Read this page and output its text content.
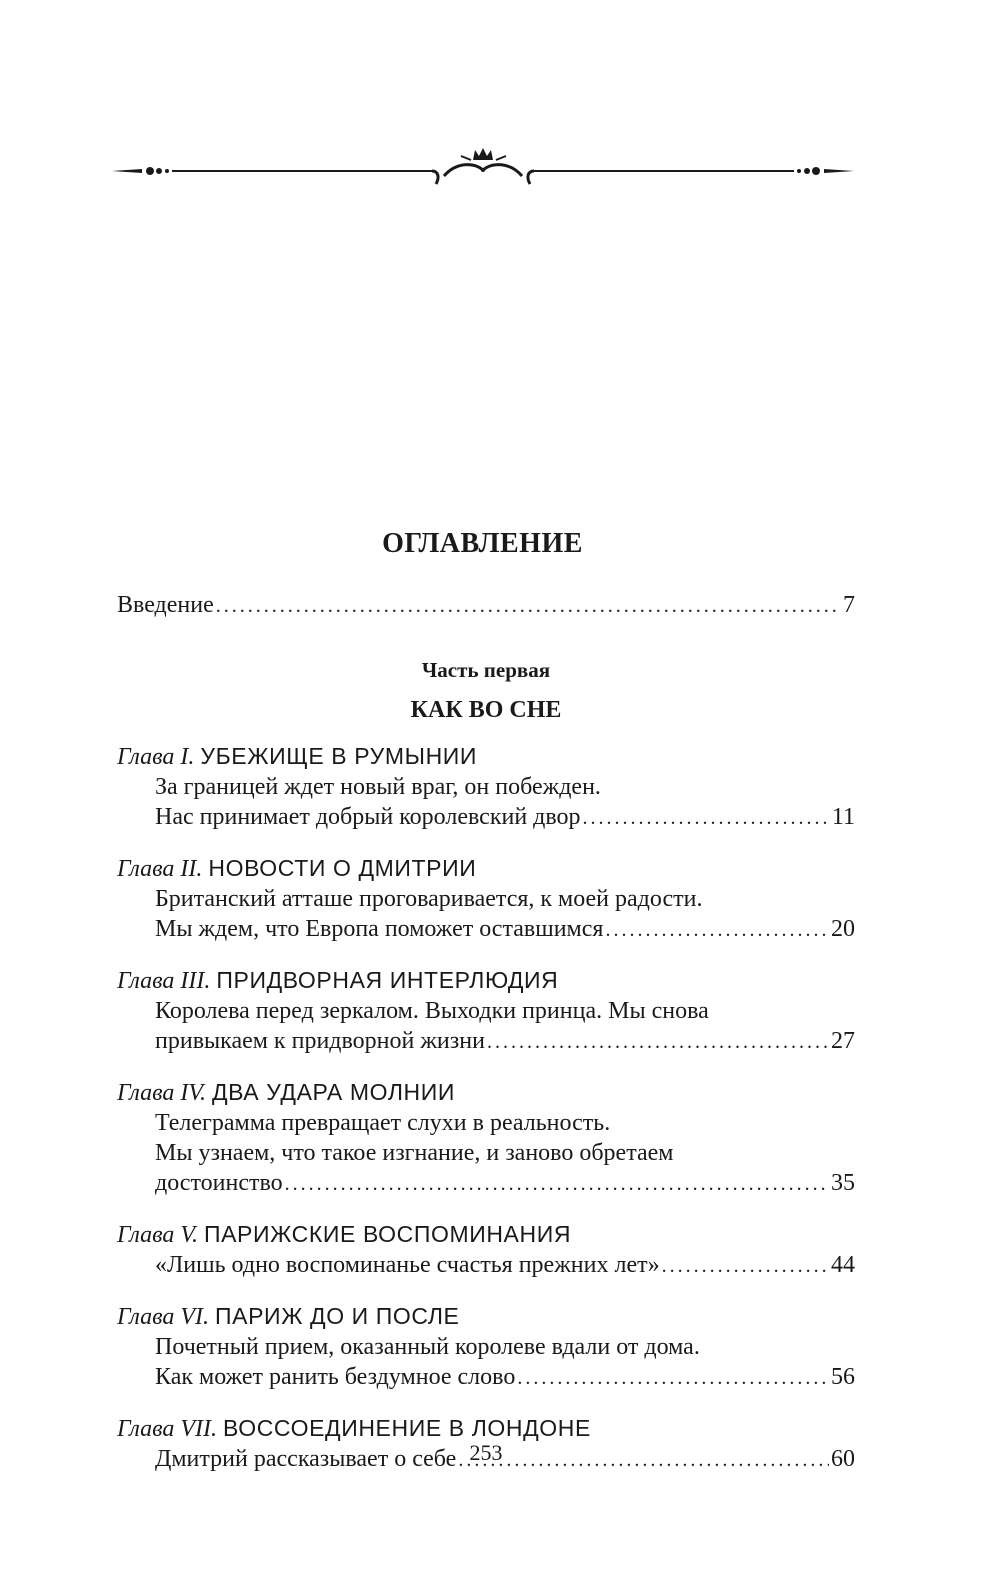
ОГЛАВЛЕНИЕ
Введение . . .	7
Часть первая
КАК ВО СНЕ
Глава I. УБЕЖИЩЕ В РУМЫНИИ
За границей ждет новый враг, он побежден.
Нас принимает добрый королевский двор . . .	11
Глава II. НОВОСТИ О ДМИТРИИ
Британский атташе проговаривается, к моей радости.
Мы ждем, что Европа поможет оставшимся . . .	20
Глава III. ПРИДВОРНАЯ ИНТЕРЛЮДИЯ
Королева перед зеркалом. Выходки принца. Мы снова
привыкаем к придворной жизни . . .	27
Глава IV. ДВА УДАРА МОЛНИИ
Телеграмма превращает слухи в реальность.
Мы узнаем, что такое изгнание, и заново обретаем
достоинство . . .	35
Глава V. ПАРИЖСКИЕ ВОСПОМИНАНИЯ
«Лишь одно воспоминанье счастья прежних лет» . . .	44
Глава VI. ПАРИЖ ДО И ПОСЛЕ
Почетный прием, оказанный королеве вдали от дома.
Как может ранить бездумное слово . . .	56
Глава VII. ВОССОЕДИНЕНИЕ В ЛОНДОНЕ
Дмитрий рассказывает о себе . . .	60
253
